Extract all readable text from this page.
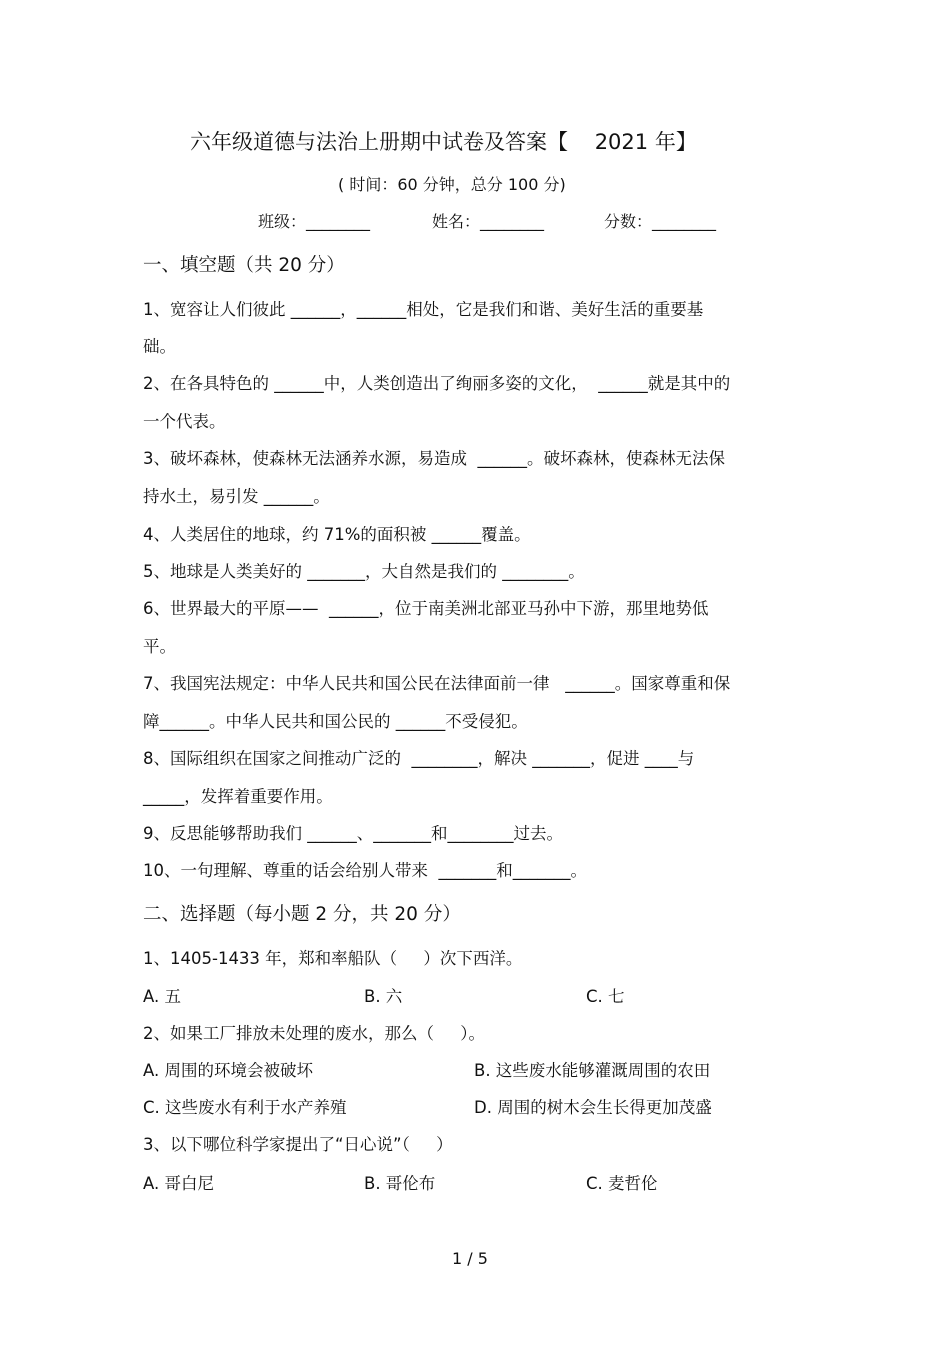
六年级道德与法治上册期中试卷及答案【    2021 年】
( 时间：60 分钟，总分 100 分)
班级：________	姓名：________	分数：________
一、填空题（共 20 分）
1、宽容让人们彼此 ______，______相处，它是我们和谐、美好生活的重要基
础。
2、在各具特色的 ______中，人类创造出了绚丽多姿的文化，  ______就是其中的
一个代表。
3、破坏森林，使森林无法涵养水源，易造成  ______。破坏森林，使森林无法保
持水土，易引发 ______。
4、人类居住的地球，约 71%的面积被 ______覆盖。
5、地球是人类美好的 _______，大自然是我们的 ________。
6、世界最大的平原——  ______，位于南美洲北部亚马孙中下游，那里地势低
平。
7、我国宪法规定：中华人民共和国公民在法律面前一律   ______。国家尊重和保
障______。中华人民共和国公民的 ______不受侵犯。
8、国际组织在国家之间推动广泛的  ________，解决 _______，促进 ____与
_____，发挥着重要作用。
9、反思能够帮助我们 ______、_______和________过去。
10、一句理解、尊重的话会给别人带来  _______和_______。
二、选择题（每小题 2 分，共 20 分）
1、1405-1433 年，郑和率船队（     ）次下西洋。
A. 五	B. 六	C. 七
2、如果工厂排放未处理的废水，那么（     ）。
A. 周围的环境会被破坏	B. 这些废水能够灌溉周围的农田
C. 这些废水有利于水产养殖	D. 周围的树木会生长得更加茂盛
3、以下哪位科学家提出了“日心说”（     ）
A. 哥白尼	B. 哥伦布	C. 麦哲伦
1 / 5
